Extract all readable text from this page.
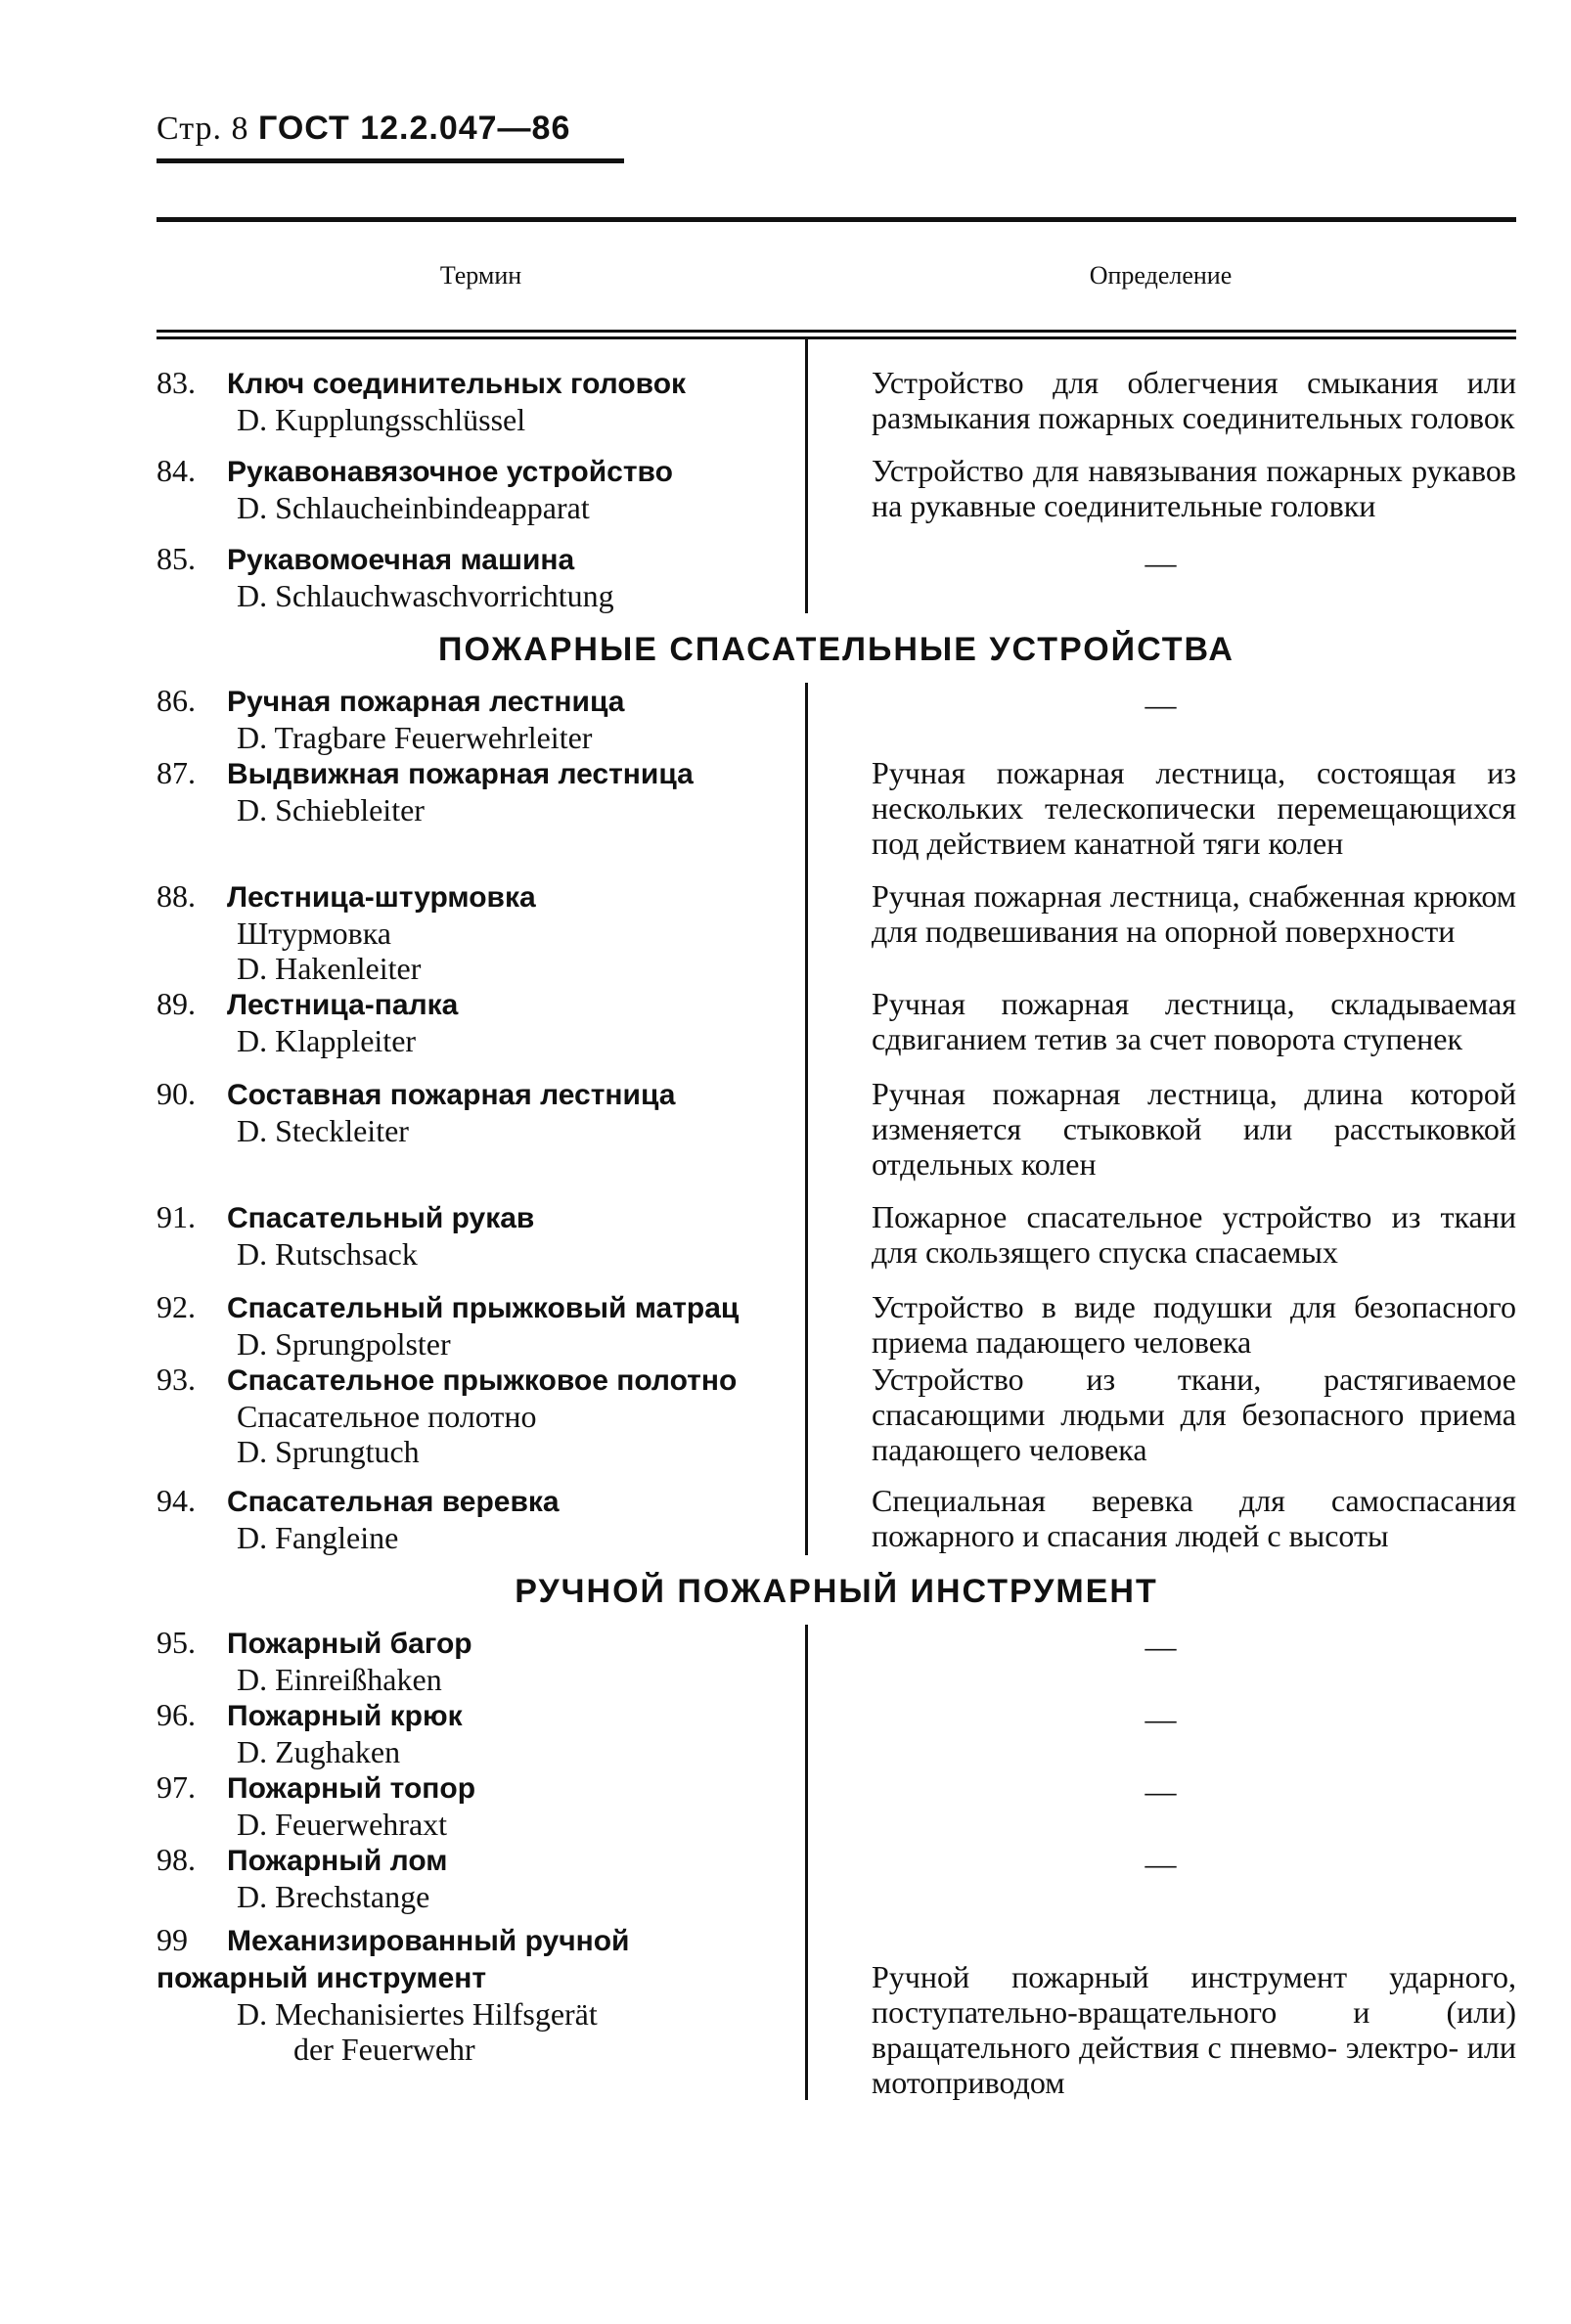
Стр. 8 ГОСТ 12.2.047—86
Термин	Определение
83. Ключ соединительных головок
D. Kupplungsschlüssel
Устройство для облегчения смыкания или размыкания пожарных соединительных головок
84. Рукавонавязочное устройство
D. Schlaucheinbindeapparat
Устройство для навязывания пожарных рукавов на рукавные соединительные головки
85. Рукавомоечная машина
D. Schlauchwaschvorrichtung
—
ПОЖАРНЫЕ СПАСАТЕЛЬНЫЕ УСТРОЙСТВА
86. Ручная пожарная лестница
D. Tragbare Feuerwehrleiter
—
87. Выдвижная пожарная лестница
D. Schiebleiter
Ручная пожарная лестница, состоящая из нескольких телескопически перемещающихся под действием канатной тяги колен
88. Лестница-штурмовка
Штурмовка
D. Hakenleiter
Ручная пожарная лестница, снабженная крюком для подвешивания на опорной поверхности
89. Лестница-палка
D. Klappleiter
Ручная пожарная лестница, складываемая сдвиганием тетив за счет поворота ступенек
90. Составная пожарная лестница
D. Steckleiter
Ручная пожарная лестница, длина которой изменяется стыковкой или расстыковкой отдельных колен
91. Спасательный рукав
D. Rutschsack
Пожарное спасательное устройство из ткани для скользящего спуска спасаемых
92. Спасательный прыжковый матрац
D. Sprungpolster
Устройство в виде подушки для безопасного приема падающего человека
93. Спасательное прыжковое полотно
Спасательное полотно
D. Sprungtuch
Устройство из ткани, растягиваемое спасающими людьми для безопасного приема падающего человека
94. Спасательная веревка
D. Fangleine
Специальная веревка для самоспасания пожарного и спасания людей с высоты
РУЧНОЙ ПОЖАРНЫЙ ИНСТРУМЕНТ
95. Пожарный багор
D. Einreißhaken
—
96. Пожарный крюк
D. Zughaken
—
97. Пожарный топор
D. Feuerwehraxt
—
98. Пожарный лом
D. Brechstange
—
99 Механизированный ручной пожарный инструмент
D. Mechanisiertes Hilfsgerät
der Feuerwehr
Ручной пожарный инструмент ударного, поступательно-вращательного и (или) вращательного действия с пневмо- электро- или мотоприводом
